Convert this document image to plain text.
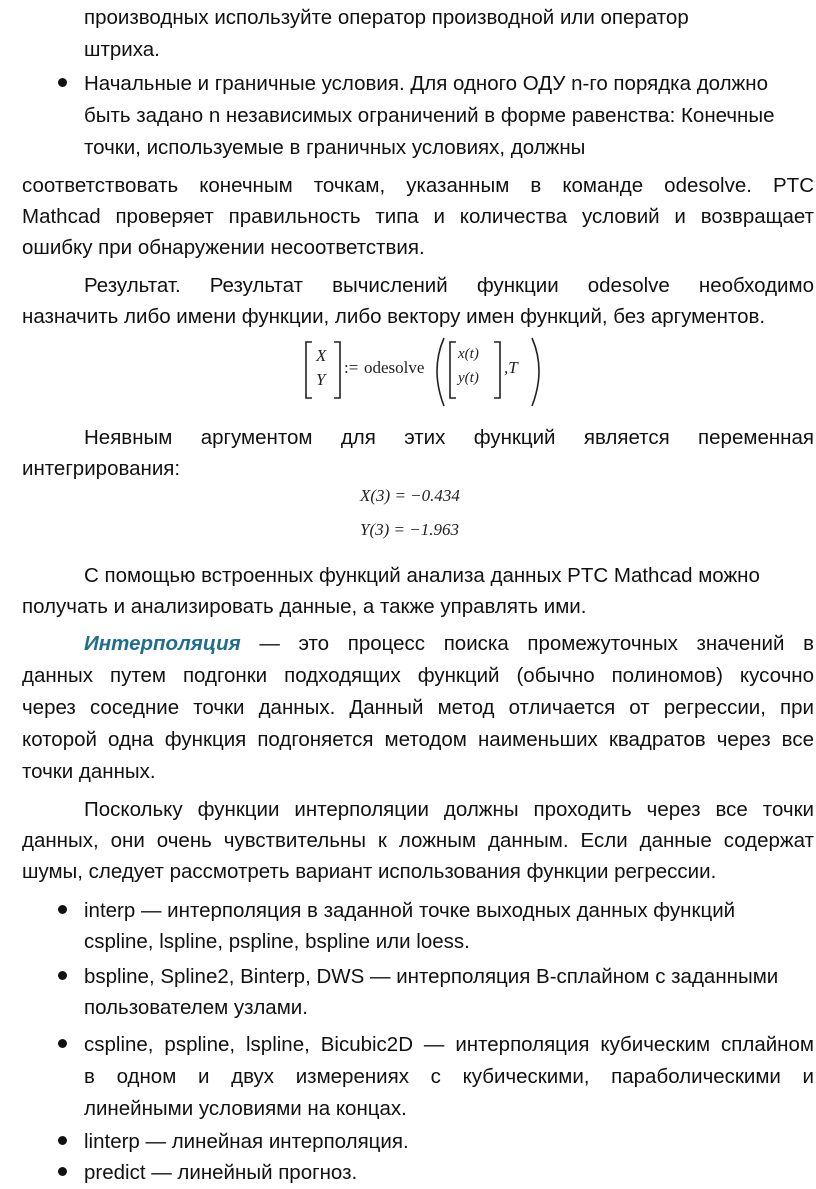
производных используйте оператор производной или оператор
штриха.
Начальные и граничные условия. Для одного ОДУ n-го порядка должно
быть задано n независимых ограничений в форме равенства: Конечные
точки, используемые в граничных условиях, должны
соответствовать конечным точкам, указанным в команде odesolve. PTC
Mathcad проверяет правильность типа и количества условий и возвращает
ошибку при обнаружении несоответствия.
Результат. Результат вычислений функции odesolve необходимо
назначить либо имени функции, либо вектору имен функций, без аргументов.
X
Y
:= odesolve
x(t)
y(t)
,T
Неявным аргументом для этих функций является переменная
интегрирования:
X(3) = −0.434
Y(3) = −1.963
С помощью встроенных функций анализа данных PTC Mathcad можно
получать и анализировать данные, а также управлять ими.
Интерполяция — это процесс поиска промежуточных значений в
данных путем подгонки подходящих функций (обычно полиномов) кусочно
через соседние точки данных. Данный метод отличается от регрессии, при
которой одна функция подгоняется методом наименьших квадратов через все
точки данных.
Поскольку функции интерполяции должны проходить через все точки
данных, они очень чувствительны к ложным данным. Если данные содержат
шумы, следует рассмотреть вариант использования функции регрессии.
interp — интерполяция в заданной точке выходных данных функций
cspline, lspline, pspline, bspline или loess.
bspline, Spline2, Binterp, DWS — интерполяция B-сплайном с заданными
пользователем узлами.
cspline, pspline, lspline, Bicubic2D — интерполяция кубическим сплайном
в одном и двух измерениях с кубическими, параболическими и
линейными условиями на концах.
linterp — линейная интерполяция.
predict — линейный прогноз.
